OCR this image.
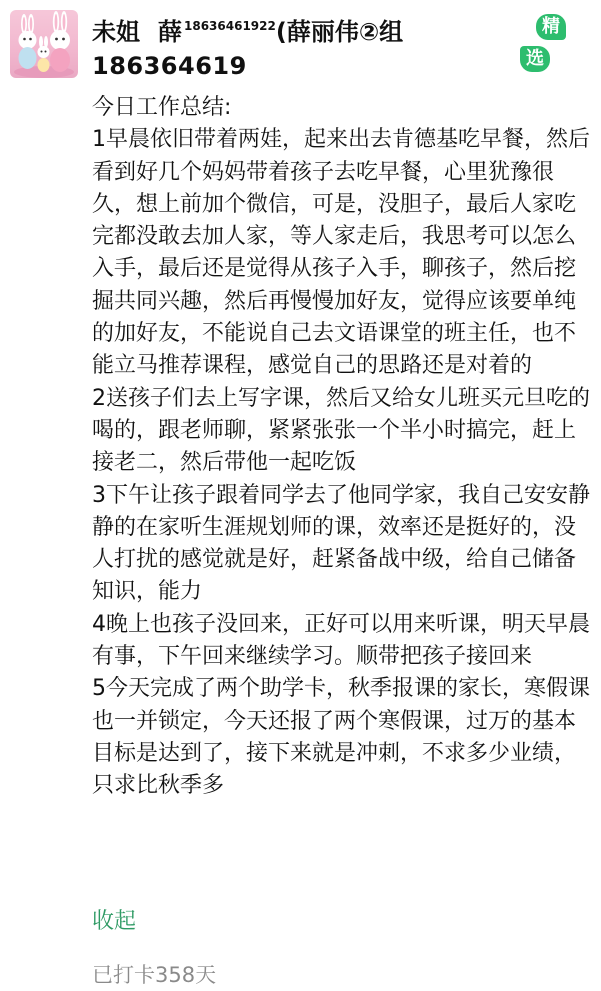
未姐 薛 $^{18636461922}$(薛丽伟②组
186364619
精
选

今日工作总结:

1早晨依旧带着两娃，起来出去肯德基吃早餐，然后看到好几个妈妈带着孩子去吃早餐，心里犹豫很久，想上前加个微信，可是，没胆子，最后人家吃完都没敢去加人家，等人家走后，我思考可以怎么入手，最后还是觉得从孩子入手，聊孩子，然后挖掘共同兴趣，然后再慢慢加好友，觉得应该要单纯的加好友，不能说自己去文语课堂的班主任，也不能立马推荐课程，感觉自己的思路还是对着的

2送孩子们去上写字课，然后又给女儿班买元旦吃的喝的，跟老师聊，紧紧张张一个半小时搞完，赶上接老二，然后带他一起吃饭

3下午让孩子跟着同学去了他同学家，我自己安安静静的在家听生涯规划师的课，效率还是挺好的，没人打扰的感觉就是好，赶紧备战中级，给自己储备知识，能力

4晚上也孩子没回来，正好可以用来听课，明天早晨有事，下午回来继续学习。顺带把孩子接回来

5今天完成了两个助学卡，秋季报课的家长，寒假课也一并锁定，今天还报了两个寒假课，过万的基本目标是达到了，接下来就是冲刺，不求多少业绩，只求比秋季多

收起
已打卡358天
